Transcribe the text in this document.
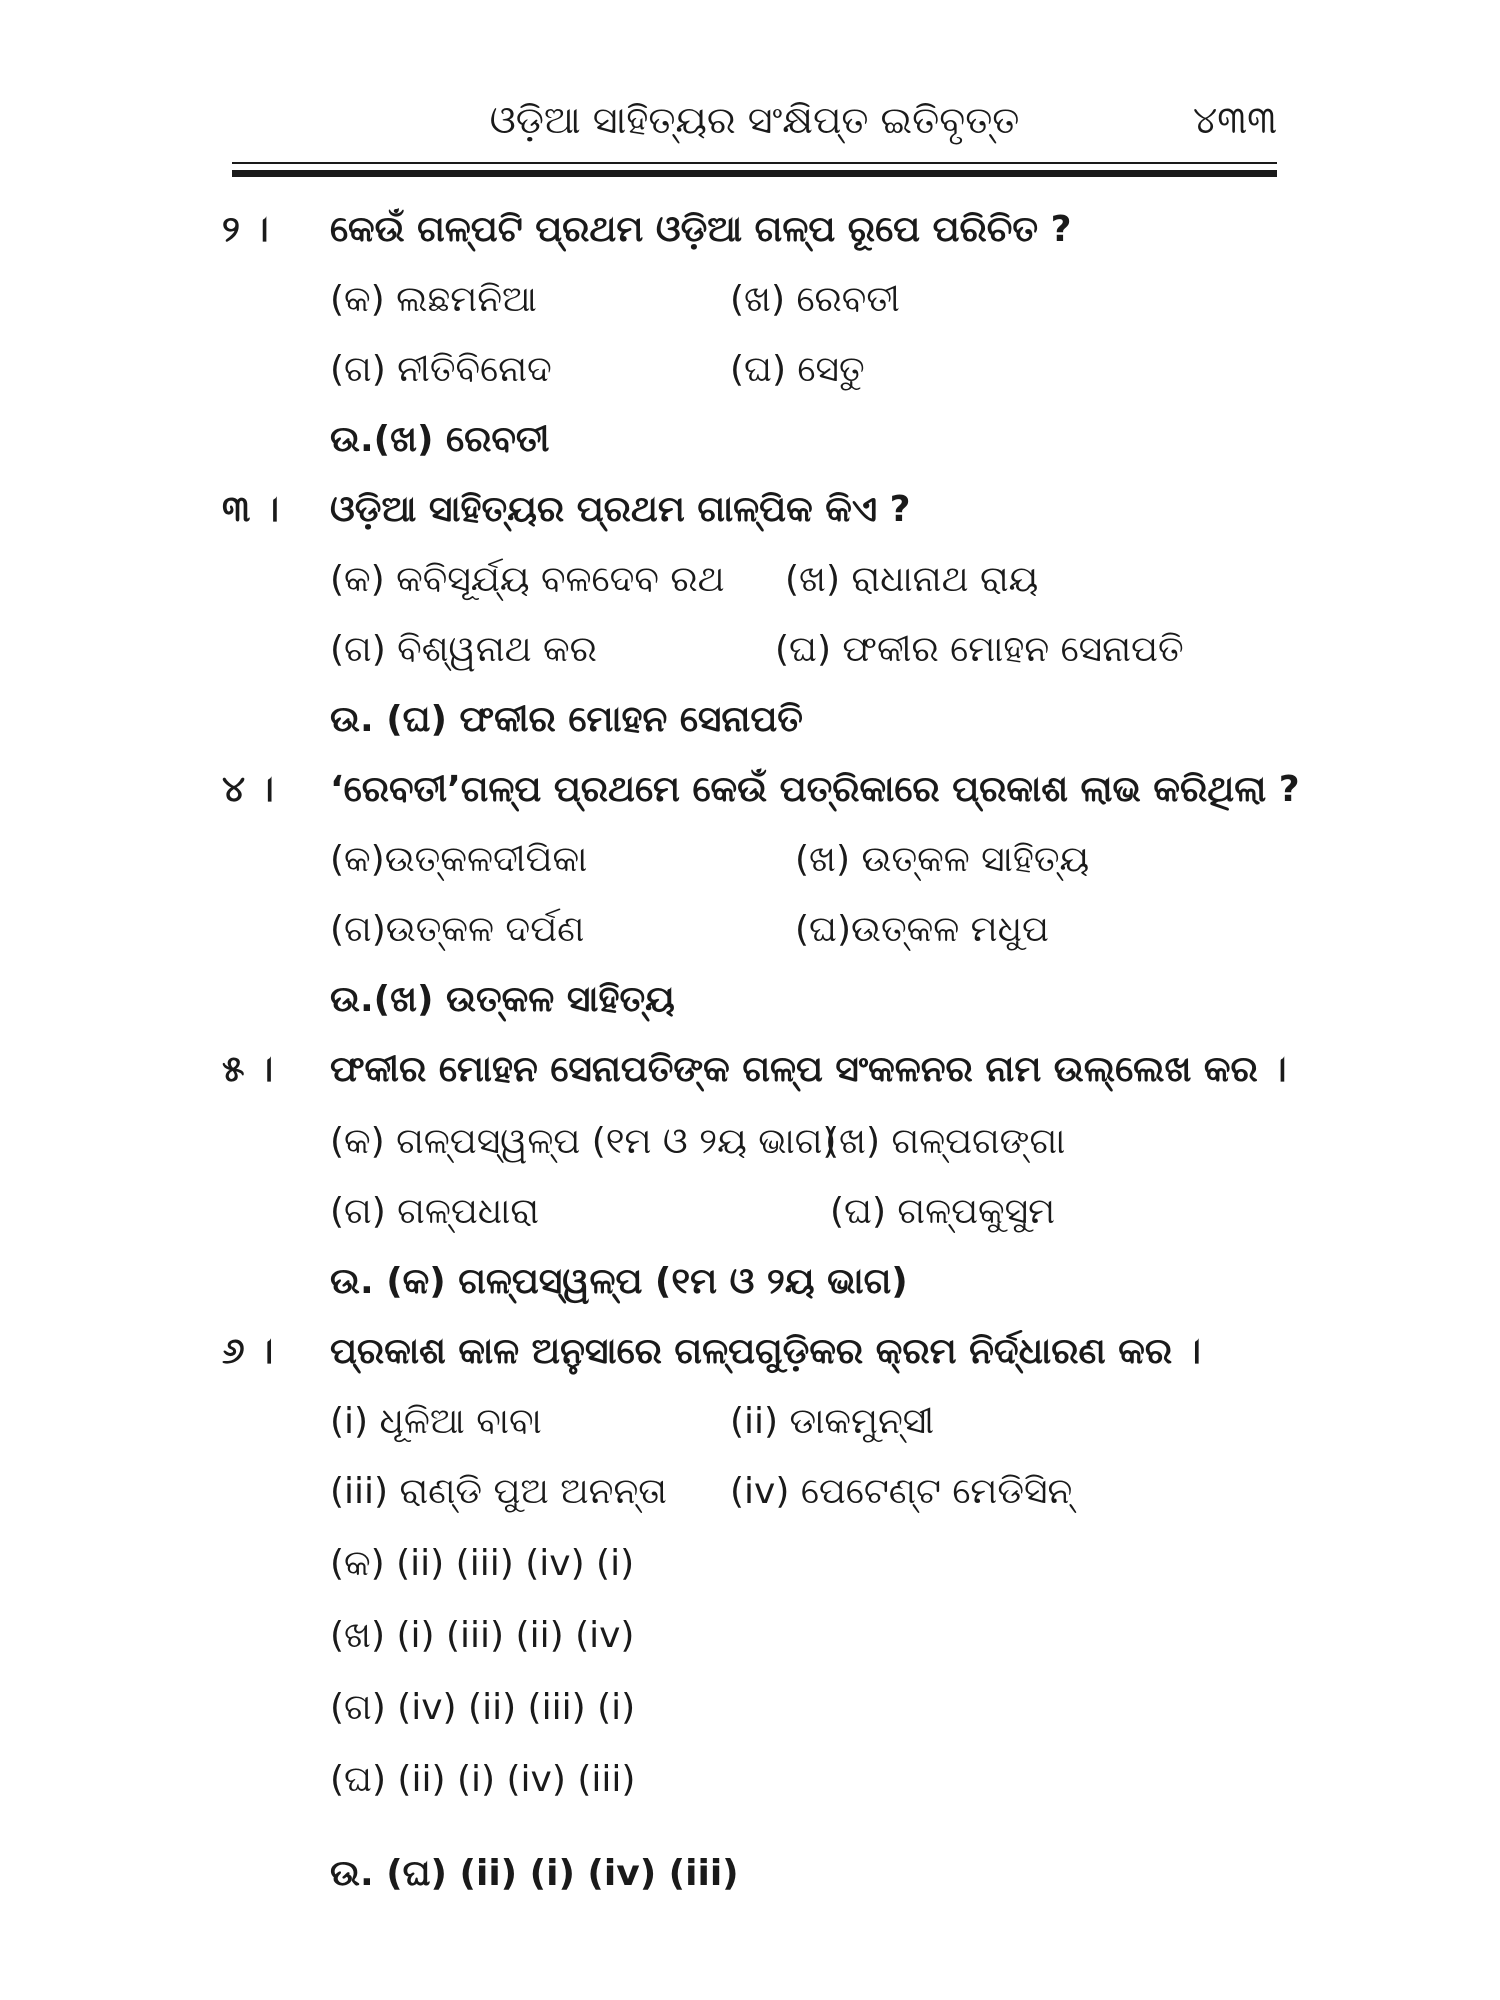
ଓଡ଼ିଆ ସାହିତ୍ୟର ସଂକ୍ଷିପ୍ତ ଇତିବୃତ୍ତ	୪୩୩
୨ । କେଉଁ ଗଳ୍ପଟି ପ୍ରଥମ ଓଡ଼ିଆ ଗଳ୍ପ ରୂପେ ପରିଚିତ ?
(କ) ଲଛମନିଆ	(ଖ) ରେବତୀ
(ଗ) ନୀତିବିନୋଦ	(ଘ) ସେତୁ
ଉ.(ଖ) ରେବତୀ
୩ । ଓଡ଼ିଆ ସାହିତ୍ୟର ପ୍ରଥମ ଗାଳ୍ପିକ କିଏ ?
(କ) କବିସୂର୍ଯ୍ୟ ବଳଦେବ ରଥ (ଖ) ରାଧାନାଥ ରାୟ
(ଗ) ବିଶ୍ୱନାଥ କର	(ଘ) ଫକୀର ମୋହନ ସେନାପତି
ଉ. (ଘ) ଫକୀର ମୋହନ ସେନାପତି
୪ । ‘ରେବତୀ’ଗଳ୍ପ ପ୍ରଥମେ କେଉଁ ପତ୍ରିକାରେ ପ୍ରକାଶ ଲାଭ କରିଥିଲା ?
(କ)ଉତ୍କଳଦୀପିକା	(ଖ) ଉତ୍କଳ ସାହିତ୍ୟ
(ଗ)ଉତ୍କଳ ଦର୍ପଣ	(ଘ)ଉତ୍କଳ ମଧୁପ
ଉ.(ଖ) ଉତ୍କଳ ସାହିତ୍ୟ
୫ । ଫକୀର ମୋହନ ସେନାପତିଙ୍କ ଗଳ୍ପ ସଂକଳନର ନାମ ଉଲ୍ଲେଖ କର ।
(କ) ଗଳ୍ପସ୍ୱଳ୍ପ (୧ମ ଓ ୨ୟ ଭାଗ)
(ଖ) ଗଳ୍ପଗଙ୍ଗା
(ଗ) ଗଳ୍ପଧାରା	(ଘ) ଗଳ୍ପକୁସୁମ
ଉ. (କ) ଗଳ୍ପସ୍ୱଳ୍ପ (୧ମ ଓ ୨ୟ ଭାଗ)
୬ । ପ୍ରକାଶ କାଳ ଅନୁସାରେ ଗଳ୍ପଗୁଡ଼ିକର କ୍ରମ ନିର୍ଦ୍ଧାରଣ କର ।
(i) ଧୂଳିଆ ବାବା	(ii) ଡାକମୁନ୍‌ସୀ
(iii) ରାଣ୍ଡି ପୁଅ ଅନନ୍ତା (iv) ପେଟେଣ୍ଟ ମେଡିସିନ୍
(କ) (ii) (iii) (iv) (i)
(ଖ) (i) (iii) (ii) (iv)
(ଗ) (iv) (ii) (iii) (i)
(ଘ) (ii) (i) (iv) (iii)
ଉ. (ଘ) (ii) (i) (iv) (iii)
